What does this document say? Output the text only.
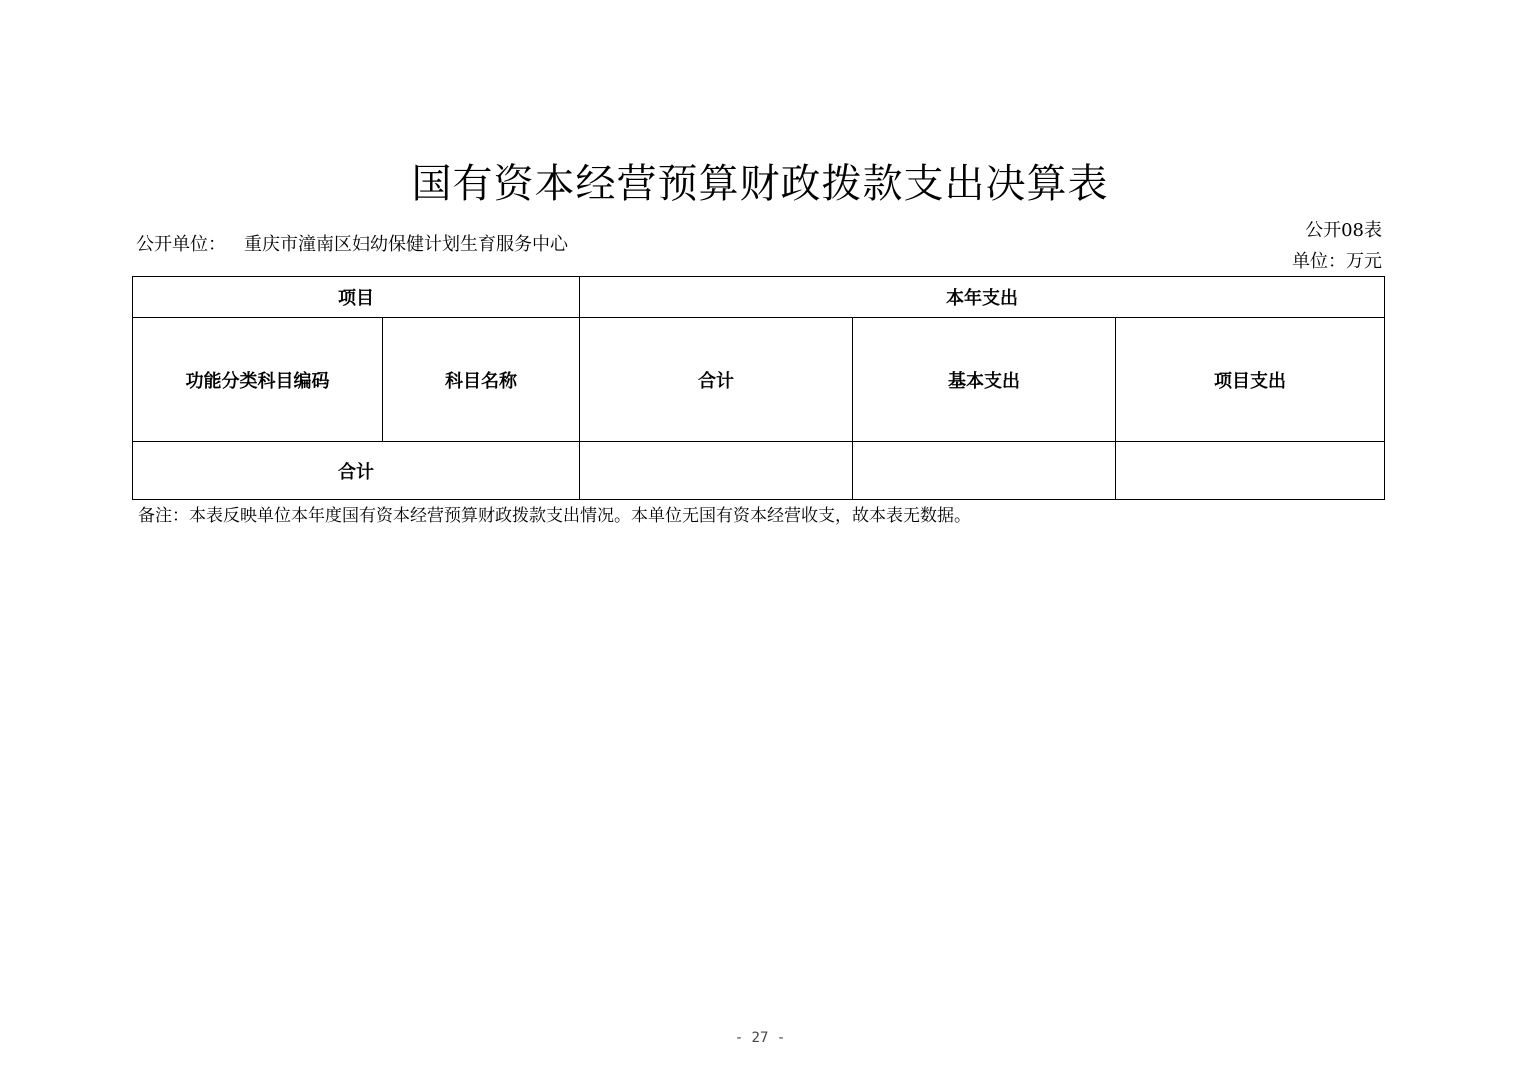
国有资本经营预算财政拨款支出决算表
公开单位： 重庆市潼南区妇幼保健计划生育服务中心
公开08表
单位：万元
项目		本年支出		
功能分类科目编码	科目名称	合计	基本支出	项目支出
合计				
备注：本表反映单位本年度国有资本经营预算财政拨款支出情况。本单位无国有资本经营收支，故本表无数据。
- 27 -
